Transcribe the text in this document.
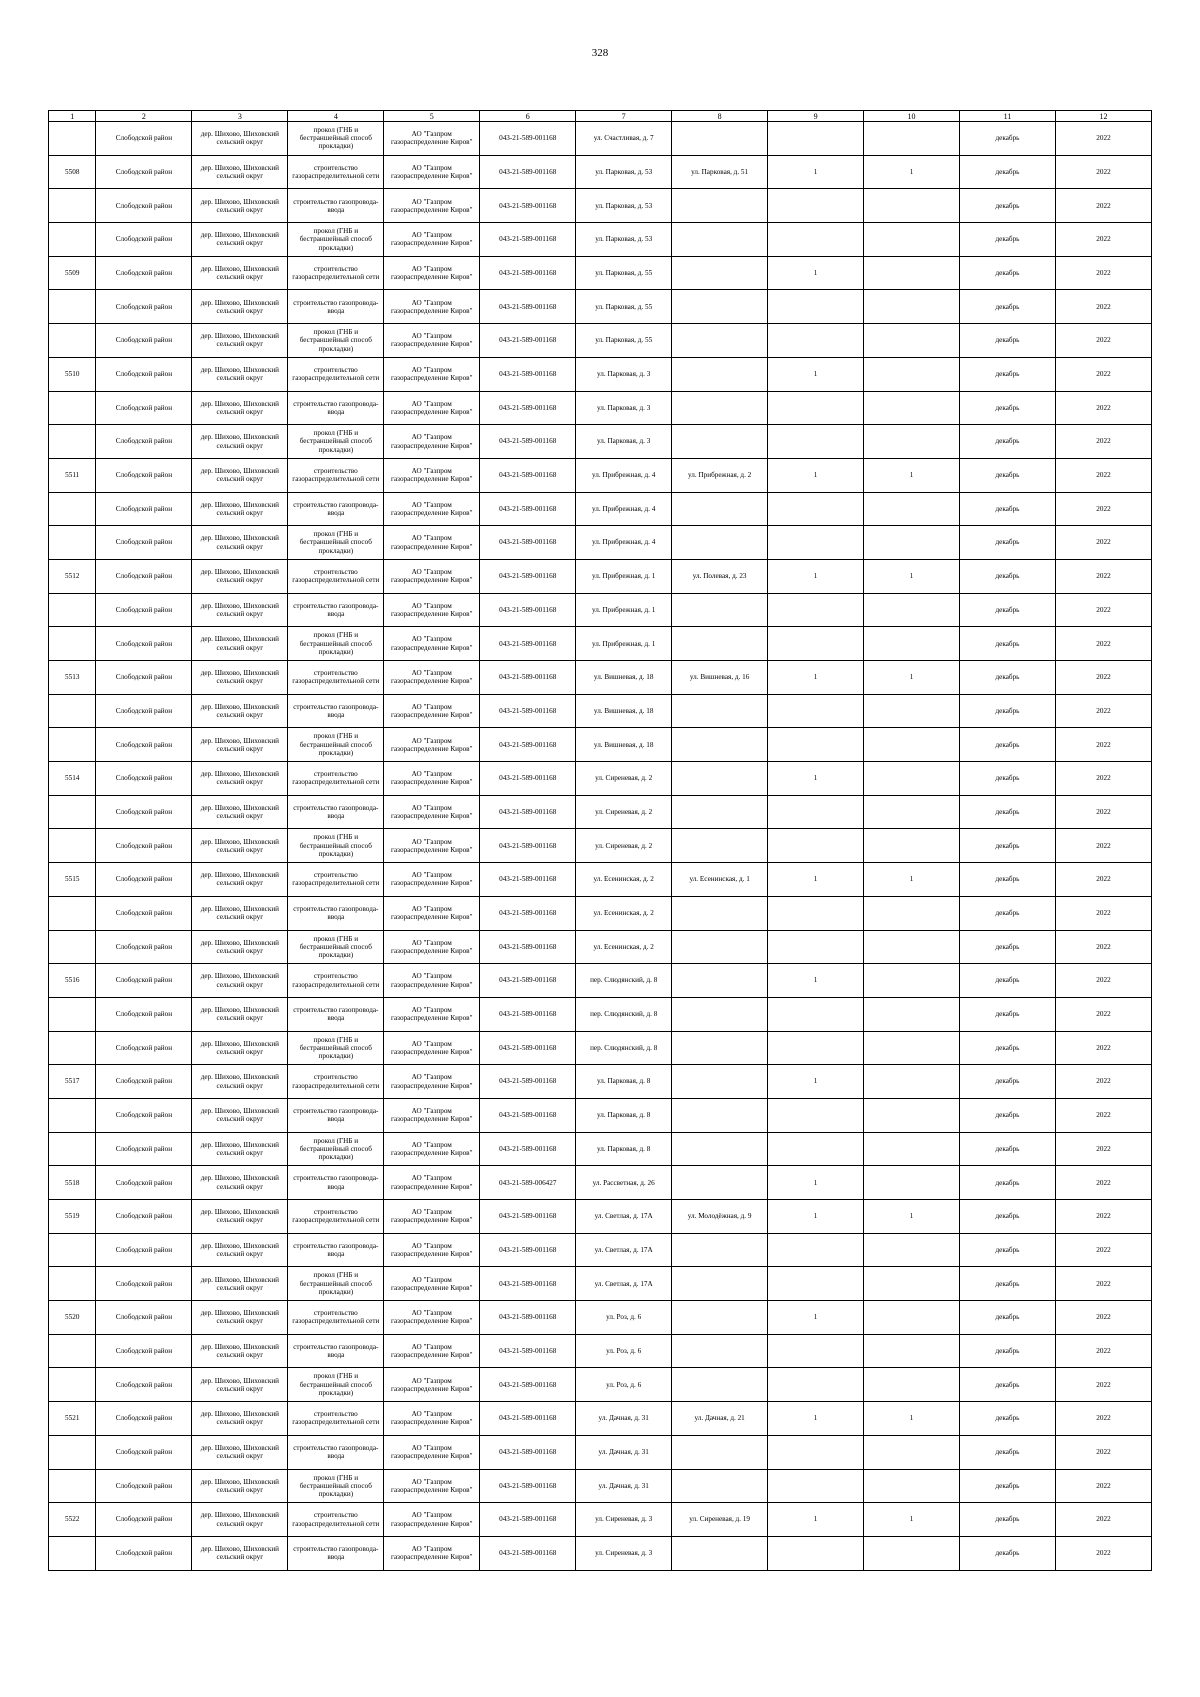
328
1	2	3	4	5	6	7	8	9	10	11	12
	Слободской район	дер. Шихово, Шиховский сельский округ	прокол (ГНБ и бестраншейный способ прокладки)	АО "Газпром газораспределение Киров"	043-21-589-001168	ул. Счастливая, д. 7				декабрь	2022
5508	Слободской район	дер. Шихово, Шиховский сельский округ	строительство газораспределительной сети	АО "Газпром газораспределение Киров"	043-21-589-001168	ул. Парковая, д. 53	ул. Парковая, д. 51	1	1	декабрь	2022
	Слободской район	дер. Шихово, Шиховский сельский округ	строительство газопровода-ввода	АО "Газпром газораспределение Киров"	043-21-589-001168	ул. Парковая, д. 53				декабрь	2022
	Слободской район	дер. Шихово, Шиховский сельский округ	прокол (ГНБ и бестраншейный способ прокладки)	АО "Газпром газораспределение Киров"	043-21-589-001168	ул. Парковая, д. 53				декабрь	2022
5509	Слободской район	дер. Шихово, Шиховский сельский округ	строительство газораспределительной сети	АО "Газпром газораспределение Киров"	043-21-589-001168	ул. Парковая, д. 55		1		декабрь	2022
	Слободской район	дер. Шихово, Шиховский сельский округ	строительство газопровода-ввода	АО "Газпром газораспределение Киров"	043-21-589-001168	ул. Парковая, д. 55				декабрь	2022
	Слободской район	дер. Шихово, Шиховский сельский округ	прокол (ГНБ и бестраншейный способ прокладки)	АО "Газпром газораспределение Киров"	043-21-589-001168	ул. Парковая, д. 55				декабрь	2022
5510	Слободской район	дер. Шихово, Шиховский сельский округ	строительство газораспределительной сети	АО "Газпром газораспределение Киров"	043-21-589-001168	ул. Парковая, д. 3		1		декабрь	2022
	Слободской район	дер. Шихово, Шиховский сельский округ	строительство газопровода-ввода	АО "Газпром газораспределение Киров"	043-21-589-001168	ул. Парковая, д. 3				декабрь	2022
	Слободской район	дер. Шихово, Шиховский сельский округ	прокол (ГНБ и бестраншейный способ прокладки)	АО "Газпром газораспределение Киров"	043-21-589-001168	ул. Парковая, д. 3				декабрь	2022
5511	Слободской район	дер. Шихово, Шиховский сельский округ	строительство газораспределительной сети	АО "Газпром газораспределение Киров"	043-21-589-001168	ул. Прибрежная, д. 4	ул. Прибрежная, д. 2	1	1	декабрь	2022
	Слободской район	дер. Шихово, Шиховский сельский округ	строительство газопровода-ввода	АО "Газпром газораспределение Киров"	043-21-589-001168	ул. Прибрежная, д. 4				декабрь	2022
	Слободской район	дер. Шихово, Шиховский сельский округ	прокол (ГНБ и бестраншейный способ прокладки)	АО "Газпром газораспределение Киров"	043-21-589-001168	ул. Прибрежная, д. 4				декабрь	2022
5512	Слободской район	дер. Шихово, Шиховский сельский округ	строительство газораспределительной сети	АО "Газпром газораспределение Киров"	043-21-589-001168	ул. Прибрежная, д. 1	ул. Полевая, д. 23	1	1	декабрь	2022
	Слободской район	дер. Шихово, Шиховский сельский округ	строительство газопровода-ввода	АО "Газпром газораспределение Киров"	043-21-589-001168	ул. Прибрежная, д. 1				декабрь	2022
	Слободской район	дер. Шихово, Шиховский сельский округ	прокол (ГНБ и бестраншейный способ прокладки)	АО "Газпром газораспределение Киров"	043-21-589-001168	ул. Прибрежная, д. 1				декабрь	2022
5513	Слободской район	дер. Шихово, Шиховский сельский округ	строительство газораспределительной сети	АО "Газпром газораспределение Киров"	043-21-589-001168	ул. Вишневая, д. 18	ул. Вишневая, д. 16	1	1	декабрь	2022
	Слободской район	дер. Шихово, Шиховский сельский округ	строительство газопровода-ввода	АО "Газпром газораспределение Киров"	043-21-589-001168	ул. Вишневая, д. 18				декабрь	2022
	Слободской район	дер. Шихово, Шиховский сельский округ	прокол (ГНБ и бестраншейный способ прокладки)	АО "Газпром газораспределение Киров"	043-21-589-001168	ул. Вишневая, д. 18				декабрь	2022
5514	Слободской район	дер. Шихово, Шиховский сельский округ	строительство газораспределительной сети	АО "Газпром газораспределение Киров"	043-21-589-001168	ул. Сиреневая, д. 2		1		декабрь	2022
	Слободской район	дер. Шихово, Шиховский сельский округ	строительство газопровода-ввода	АО "Газпром газораспределение Киров"	043-21-589-001168	ул. Сиреневая, д. 2				декабрь	2022
	Слободской район	дер. Шихово, Шиховский сельский округ	прокол (ГНБ и бестраншейный способ прокладки)	АО "Газпром газораспределение Киров"	043-21-589-001168	ул. Сиреневая, д. 2				декабрь	2022
5515	Слободской район	дер. Шихово, Шиховский сельский округ	строительство газораспределительной сети	АО "Газпром газораспределение Киров"	043-21-589-001168	ул. Есенинская, д. 2	ул. Есенинская, д. 1	1	1	декабрь	2022
	Слободской район	дер. Шихово, Шиховский сельский округ	строительство газопровода-ввода	АО "Газпром газораспределение Киров"	043-21-589-001168	ул. Есенинская, д. 2				декабрь	2022
	Слободской район	дер. Шихово, Шиховский сельский округ	прокол (ГНБ и бестраншейный способ прокладки)	АО "Газпром газораспределение Киров"	043-21-589-001168	ул. Есенинская, д. 2				декабрь	2022
5516	Слободской район	дер. Шихово, Шиховский сельский округ	строительство газораспределительной сети	АО "Газпром газораспределение Киров"	043-21-589-001168	пер. Слюдянский, д. 8		1		декабрь	2022
	Слободской район	дер. Шихово, Шиховский сельский округ	строительство газопровода-ввода	АО "Газпром газораспределение Киров"	043-21-589-001168	пер. Слюдянский, д. 8				декабрь	2022
	Слободской район	дер. Шихово, Шиховский сельский округ	прокол (ГНБ и бестраншейный способ прокладки)	АО "Газпром газораспределение Киров"	043-21-589-001168	пер. Слюдянский, д. 8				декабрь	2022
5517	Слободской район	дер. Шихово, Шиховский сельский округ	строительство газораспределительной сети	АО "Газпром газораспределение Киров"	043-21-589-001168	ул. Парковая, д. 8		1		декабрь	2022
	Слободской район	дер. Шихово, Шиховский сельский округ	строительство газопровода-ввода	АО "Газпром газораспределение Киров"	043-21-589-001168	ул. Парковая, д. 8				декабрь	2022
	Слободской район	дер. Шихово, Шиховский сельский округ	прокол (ГНБ и бестраншейный способ прокладки)	АО "Газпром газораспределение Киров"	043-21-589-001168	ул. Парковая, д. 8				декабрь	2022
5518	Слободской район	дер. Шихово, Шиховский сельский округ	строительство газопровода-ввода	АО "Газпром газораспределение Киров"	043-21-589-006427	ул. Рассветная, д. 26		1		декабрь	2022
5519	Слободской район	дер. Шихово, Шиховский сельский округ	строительство газораспределительной сети	АО "Газпром газораспределение Киров"	043-21-589-001168	ул. Светлая, д. 17А	ул. Молодёжная, д. 9	1	1	декабрь	2022
	Слободской район	дер. Шихово, Шиховский сельский округ	строительство газопровода-ввода	АО "Газпром газораспределение Киров"	043-21-589-001168	ул. Светлая, д. 17А				декабрь	2022
	Слободской район	дер. Шихово, Шиховский сельский округ	прокол (ГНБ и бестраншейный способ прокладки)	АО "Газпром газораспределение Киров"	043-21-589-001168	ул. Светлая, д. 17А				декабрь	2022
5520	Слободской район	дер. Шихово, Шиховский сельский округ	строительство газораспределительной сети	АО "Газпром газораспределение Киров"	043-21-589-001168	ул. Роз, д. 6		1		декабрь	2022
	Слободской район	дер. Шихово, Шиховский сельский округ	строительство газопровода-ввода	АО "Газпром газораспределение Киров"	043-21-589-001168	ул. Роз, д. 6				декабрь	2022
	Слободской район	дер. Шихово, Шиховский сельский округ	прокол (ГНБ и бестраншейный способ прокладки)	АО "Газпром газораспределение Киров"	043-21-589-001168	ул. Роз, д. 6				декабрь	2022
5521	Слободской район	дер. Шихово, Шиховский сельский округ	строительство газораспределительной сети	АО "Газпром газораспределение Киров"	043-21-589-001168	ул. Дачная, д. 31	ул. Дачная, д. 21	1	1	декабрь	2022
	Слободской район	дер. Шихово, Шиховский сельский округ	строительство газопровода-ввода	АО "Газпром газораспределение Киров"	043-21-589-001168	ул. Дачная, д. 31				декабрь	2022
	Слободской район	дер. Шихово, Шиховский сельский округ	прокол (ГНБ и бестраншейный способ прокладки)	АО "Газпром газораспределение Киров"	043-21-589-001168	ул. Дачная, д. 31				декабрь	2022
5522	Слободской район	дер. Шихово, Шиховский сельский округ	строительство газораспределительной сети	АО "Газпром газораспределение Киров"	043-21-589-001168	ул. Сиреневая, д. 3	ул. Сиреневая, д. 19	1	1	декабрь	2022
	Слободской район	дер. Шихово, Шиховский сельский округ	строительство газопровода-ввода	АО "Газпром газораспределение Киров"	043-21-589-001168	ул. Сиреневая, д. 3				декабрь	2022
